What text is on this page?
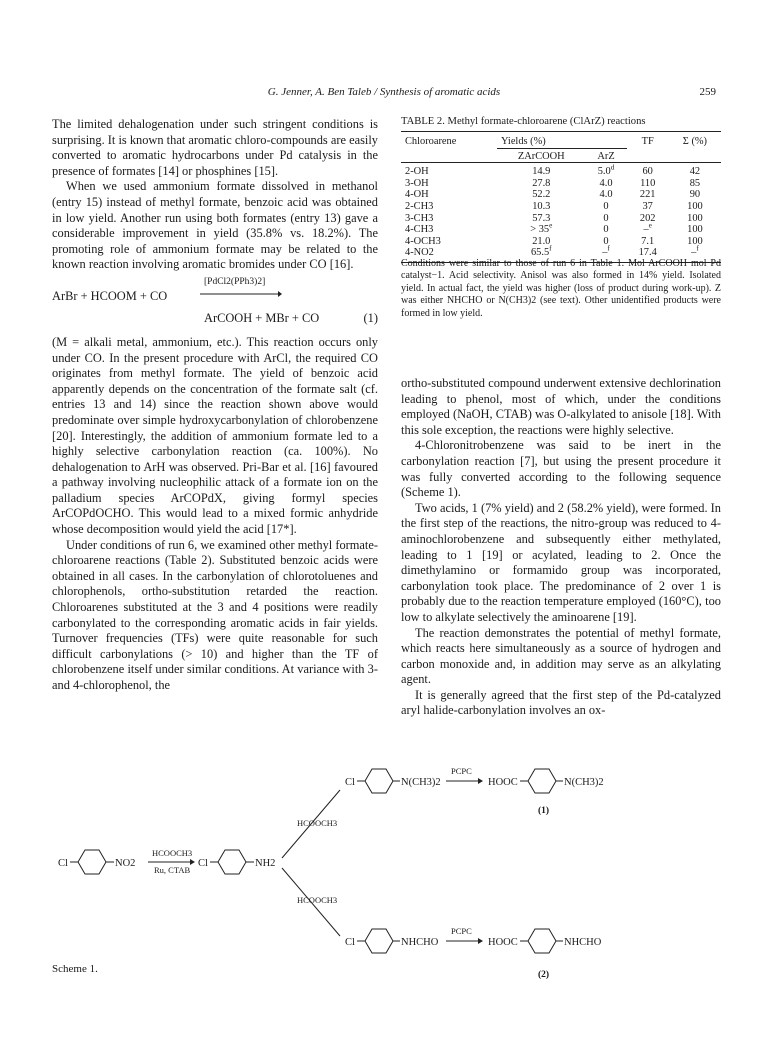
G. Jenner, A. Ben Taleb / Synthesis of aromatic acids	259

The limited dehalogenation under such stringent conditions is surprising. It is known that aromatic chloro-compounds are easily converted to aromatic hydrocarbons under Pd catalysis in the presence of formates [14] or phosphines [15].

When we used ammonium formate dissolved in methanol (entry 15) instead of methyl formate, benzoic acid was obtained in low yield. Another run using both formates (entry 13) gave a considerable improvement in yield (35.8% vs. 18.2%). The promoting role of ammonium formate may be related to the known reaction involving aromatic bromides under CO [16].

ArBr + HCOOM + CO
[PdCl2(PPh3)2]
ArCOOH + MBr + CO	(1)

(M = alkali metal, ammonium, etc.). This reaction occurs only under CO. In the present procedure with ArCl, the required CO originates from methyl formate. The yield of benzoic acid apparently depends on the concentration of the formate salt (cf. entries 13 and 14) since the reaction shown above would predominate over simple hydroxycarbonylation of chlorobenzene [20]. Interestingly, the addition of ammonium formate led to a highly selective carbonylation reaction (ca. 100%). No dehalogenation to ArH was observed. Pri-Bar et al. [16] favoured a pathway involving nucleophilic attack of a formate ion on the palladium species ArCOPdX, giving formyl species ArCOPdOCHO. This would lead to a mixed formic anhydride whose decomposition would yield the acid [17*].

Under conditions of run 6, we examined other methyl formate-chloroarene reactions (Table 2). Substituted benzoic acids were obtained in all cases. In the carbonylation of chlorotoluenes and chlorophenols, ortho-substitution retarded the reaction. Chloroarenes substituted at the 3 and 4 positions were readily carbonylated to the corresponding aromatic acids in fair yields. Turnover frequencies (TFs) were quite reasonable for such difficult carbonylations (> 10) and higher than the TF of chlorobenzene itself under similar conditions. At variance with 3- and 4-chlorophenol, the

TABLE 2. Methyl formate-chloroarene (ClArZ) reactions
Chloroarene	Yields (%)		TF	Σ (%)
	ZArCOOH	ArZ		
2-OH	14.9	5.0$^d$	60	42
3-OH	27.8	4.0	110	85
4-OH	52.2	4.0	221	90
2-CH3	10.3	0	37	100
3-CH3	57.3	0	202	100
4-CH3	> $35^e$	0	–$^e$	100
4-OCH3	21.0	0	7.1	100
4-NO2	65.5$^f$	–$^f$	17.4	–$^f$
Conditions were similar to those of run 6 in Table 1. Mol ArCOOH mol Pd catalyst−1. Acid selectivity. Anisol was also formed in 14% yield. Isolated yield. In actual fact, the yield was higher (loss of product during work-up). Z was either NHCHO or N(CH3)2 (see text). Other unidentified products were formed in low yield.

ortho-substituted compound underwent extensive dechlorination leading to phenol, most of which, under the conditions employed (NaOH, CTAB) was O-alkylated to anisole [18]. With this sole exception, the reactions were highly selective.

4-Chloronitrobenzene was said to be inert in the carbonylation reaction [7], but using the present procedure it was fully converted according to the following sequence (Scheme 1).

Two acids, 1 (7% yield) and 2 (58.2% yield), were formed. In the first step of the reactions, the nitro-group was reduced to 4-aminochlorobenzene and subsequently either methylated, leading to 1 [19] or acylated, leading to 2. Once the dimethylamino or formamido group was incorporated, carbonylation took place. The predominance of 2 over 1 is probably due to the reaction temperature employed (160°C), too low to alkylate selectively the aminoarene [19].

The reaction demonstrates the potential of methyl formate, which reacts here simultaneously as a source of hydrogen and carbon monoxide and, in addition may serve as an alkylating agent.

It is generally agreed that the first step of the Pd-catalyzed aryl halide-carbonylation involves an ox-

Cl	NO2
HCOOCH3
Ru, CTAB
Cl	NH2
HCOOCH3
HCOOCH3
Cl	N(CH3)2
PCPC
HOOC	N(CH3)2
(1)
Cl	NHCHO
PCPC
HOOC	NHCHO
(2)
Scheme 1.
